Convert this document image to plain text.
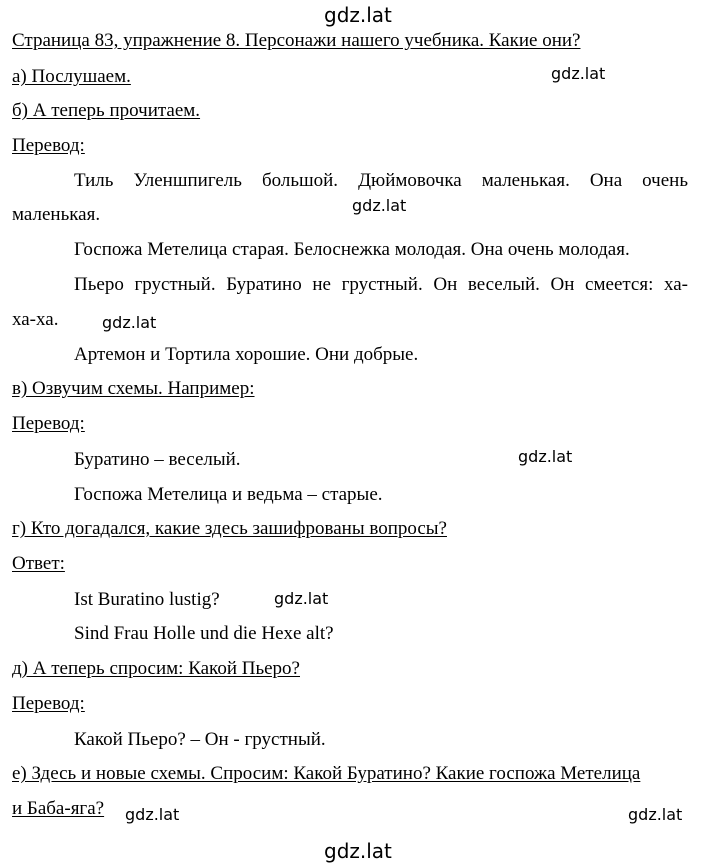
gdz.lat
gdz.lat
gdz.lat
gdz.lat
gdz.lat
gdz.lat
gdz.lat	gdz.lat
gdz.lat
Страница 83, упражнение 8. Персонажи нашего учебника. Какие они?
а) Послушаем.
б) А теперь прочитаем.
Перевод:
Тиль Уленшпигель большой. Дюймовочка маленькая. Она очень
маленькая.
Госпожа Метелица старая. Белоснежка молодая. Она очень молодая.
Пьеро грустный. Буратино не грустный. Он веселый. Он смеется: ха-
ха-ха.
Артемон и Тортила хорошие. Они добрые.
в) Озвучим схемы. Например:
Перевод:
Буратино – веселый.
Госпожа Метелица и ведьма – старые.
г) Кто догадался, какие здесь зашифрованы вопросы?
Ответ:
Ist Buratino lustig?
Sind Frau Holle und die Hexe alt?
д) А теперь спросим: Какой Пьеро?
Перевод:
Какой Пьеро? – Он - грустный.
е) Здесь и новые схемы. Спросим: Какой Буратино? Какие госпожа Метелица
и Баба-яга?
